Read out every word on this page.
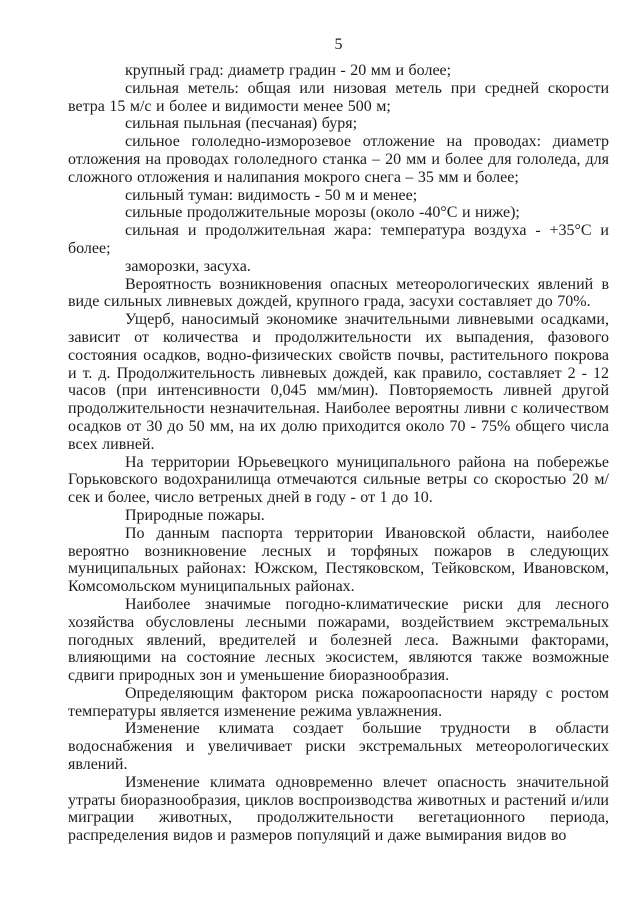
5

крупный град: диаметр градин - 20 мм и более;

сильная метель: общая или низовая метель при средней скорости ветра 15 м/с и более и видимости менее 500 м;

сильная пыльная (песчаная) буря;

сильное гололедно-изморозевое отложение на проводах: диаметр отложения на проводах гололедного станка – 20 мм и более для гололеда, для сложного отложения и налипания мокрого снега – 35 мм и более;

сильный туман: видимость - 50 м и менее;

сильные продолжительные морозы (около -40°С и ниже);

сильная и продолжительная жара: температура воздуха - +35°С и более;

заморозки, засуха.

Вероятность возникновения опасных метеорологических явлений в виде сильных ливневых дождей, крупного града, засухи составляет до 70%.

Ущерб, наносимый экономике значительными ливневыми осадками, зависит от количества и продолжительности их выпадения, фазового состояния осадков, водно-физических свойств почвы, растительного покрова и т. д. Продолжительность ливневых дождей, как правило, составляет 2 - 12 часов (при интенсивности 0,045 мм/мин). Повторяемость ливней другой продолжительности незначительная. Наиболее вероятны ливни с количеством осадков от 30 до 50 мм, на их долю приходится около 70 - 75% общего числа всех ливней.

На территории Юрьевецкого муниципального района на побережье Горьковского водохранилища отмечаются сильные ветры со скоростью 20 м/сек и более, число ветреных дней в году - от 1 до 10.

Природные пожары.

По данным паспорта территории Ивановской области, наиболее вероятно возникновение лесных и торфяных пожаров в следующих муниципальных районах: Южском, Пестяковском, Тейковском, Ивановском, Комсомольском муниципальных районах.

Наиболее значимые погодно-климатические риски для лесного хозяйства обусловлены лесными пожарами, воздействием экстремальных погодных явлений, вредителей и болезней леса. Важными факторами, влияющими на состояние лесных экосистем, являются также возможные сдвиги природных зон и уменьшение биоразнообразия.

Определяющим фактором риска пожароопасности наряду с ростом температуры является изменение режима увлажнения.

Изменение климата создает большие трудности в области водоснабжения и увеличивает риски экстремальных метеорологических явлений.

Изменение климата одновременно влечет опасность значительной утраты биоразнообразия, циклов воспроизводства животных и растений и/или миграции животных, продолжительности вегетационного периода, распределения видов и размеров популяций и даже вымирания видов во
